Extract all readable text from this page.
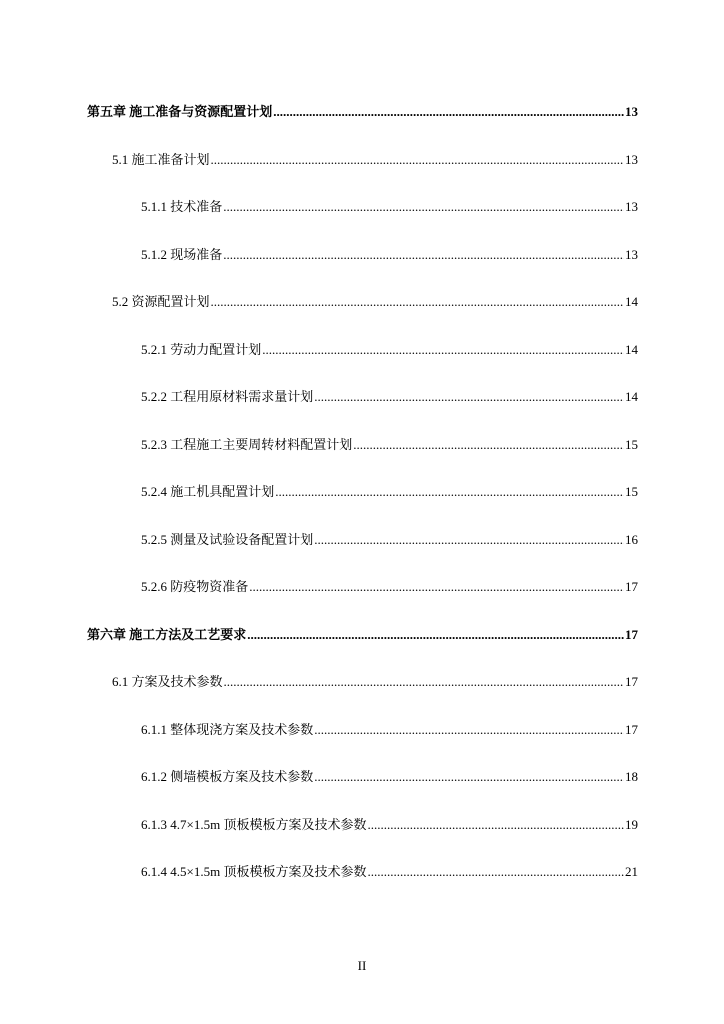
第五章 施工准备与资源配置计划 .....	13
5.1 施工准备计划 .....	13
5.1.1 技术准备 .....	13
5.1.2 现场准备 .....	13
5.2 资源配置计划 .....	14
5.2.1 劳动力配置计划 .....	14
5.2.2 工程用原材料需求量计划 .....	14
5.2.3 工程施工主要周转材料配置计划 .....	15
5.2.4 施工机具配置计划 .....	15
5.2.5 测量及试验设备配置计划 .....	16
5.2.6 防疫物资准备 .....	17
第六章 施工方法及工艺要求 .....	17
6.1 方案及技术参数 .....	17
6.1.1 整体现浇方案及技术参数 .....	17
6.1.2 侧墙模板方案及技术参数 .....	18
6.1.3 4.7×1.5m 顶板模板方案及技术参数 .....	19
6.1.4 4.5×1.5m 顶板模板方案及技术参数 .....	21
II
